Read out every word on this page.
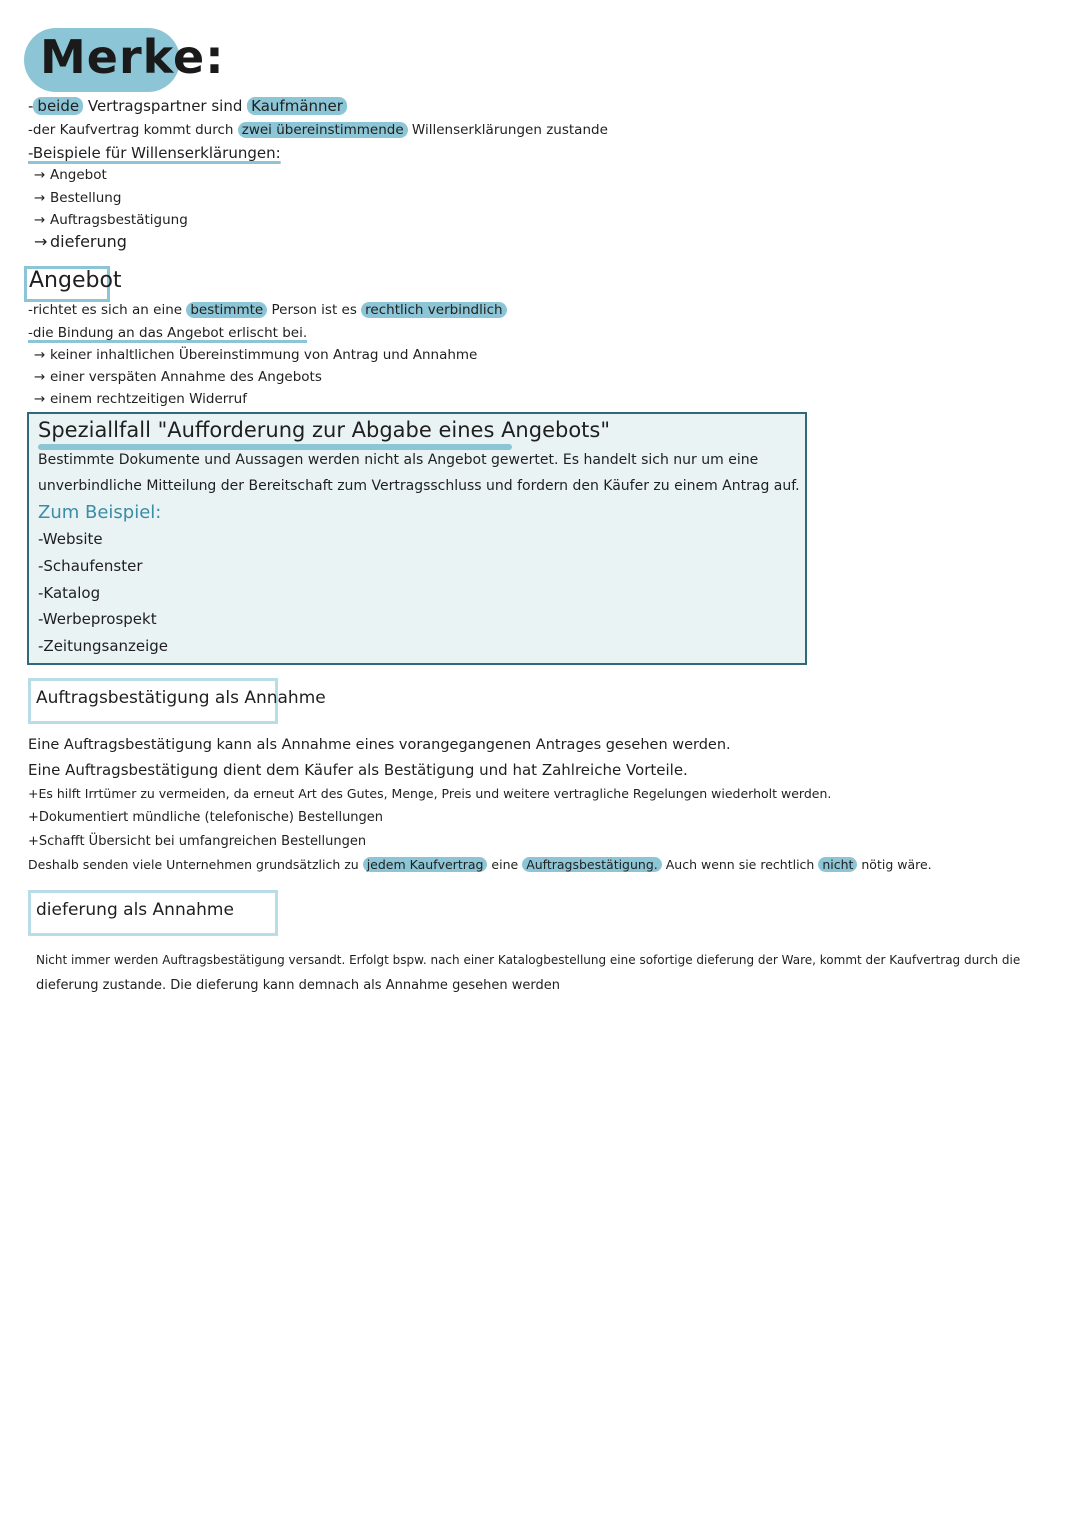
Merke:
- beide Vertragspartner sind Kaufmänner
-der Kaufvertrag kommt durch zwei übereinstimmende Willenserklärungen zustande
-Beispiele für Willenserklärungen:
→ Angebot
→ Bestellung
→ Auftragsbestätigung
→ dieferung
Angebot
-richtet es sich an eine bestimmte Person ist es rechtlich verbindlich
-die Bindung an das Angebot erlischt bei.
→ keiner inhaltlichen Übereinstimmung von Antrag und Annahme
→ einer verspäten Annahme des Angebots
→ einem rechtzeitigen Widerruf
Speziallfall "Aufforderung zur Abgabe eines Angebots"
Bestimmte Dokumente und Aussagen werden nicht als Angebot gewertet. Es handelt sich nur um eine
unverbindliche Mitteilung der Bereitschaft zum Vertragsschluss und fordern den Käufer zu einem Antrag auf.
Zum Beispiel:
-Website
-Schaufenster
-Katalog
-Werbeprospekt
-Zeitungsanzeige
Auftragsbestätigung als Annahme
Eine Auftragsbestätigung kann als Annahme eines vorangegangenen Antrages gesehen werden.
Eine Auftragsbestätigung dient dem Käufer als Bestätigung und hat Zahlreiche Vorteile.
+Es hilft Irrtümer zu vermeiden, da erneut Art des Gutes, Menge, Preis und weitere vertragliche Regelungen wiederholt werden.
+Dokumentiert mündliche (telefonische) Bestellungen
+Schafft Übersicht bei umfangreichen Bestellungen
Deshalb senden viele Unternehmen grundsätzlich zu jedem Kaufvertrag eine Auftragsbestätigung. Auch wenn sie rechtlich nicht nötig wäre.
dieferung als Annahme
Nicht immer werden Auftragsbestätigung versandt. Erfolgt bspw. nach einer Katalogbestellung eine sofortige dieferung der Ware, kommt der Kaufvertrag durch die
dieferung zustande. Die dieferung kann demnach als Annahme gesehen werden
